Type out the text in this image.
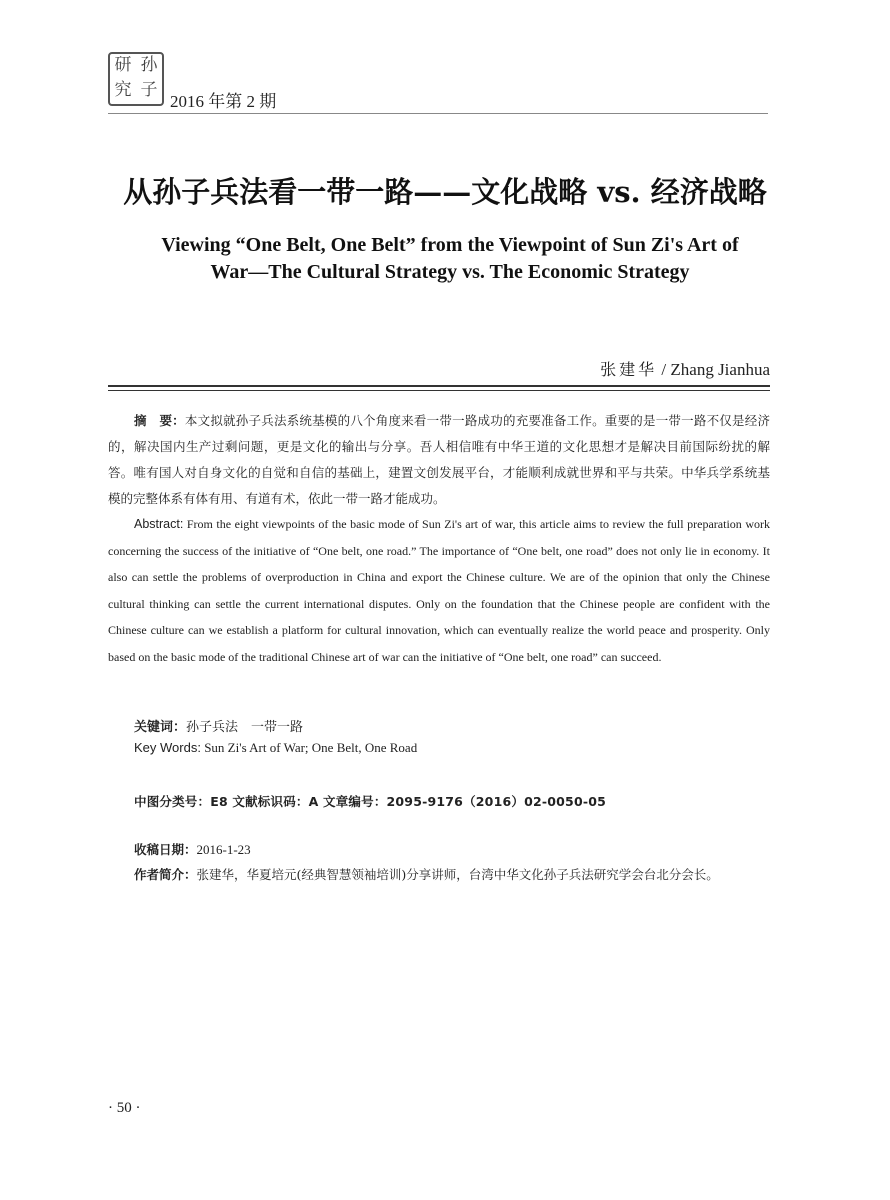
研 孙
究 子
2016 年第 2 期
从孙子兵法看一带一路——文化战略 vs. 经济战略
Viewing “One Belt, One Belt” from the Viewpoint of Sun Zi's Art of
War—The Cultural Strategy vs. The Economic Strategy
张建华 / Zhang Jianhua
摘　要：本文拟就孙子兵法系统基模的八个角度来看一带一路成功的充要准备工作。重要的是一带一路不仅是经济的，解决国内生产过剩问题，更是文化的输出与分享。吾人相信唯有中华王道的文化思想才是解决目前国际纷扰的解答。唯有国人对自身文化的自觉和自信的基础上，建置文创发展平台，才能顺利成就世界和平与共荣。中华兵学系统基模的完整体系有体有用、有道有术，依此一带一路才能成功。
Abstract: From the eight viewpoints of the basic mode of Sun Zi's art of war, this article aims to review the full preparation work concerning the success of the initiative of “One belt, one road.” The importance of “One belt, one road” does not only lie in economy. It also can settle the problems of overproduction in China and export the Chinese culture. We are of the opinion that only the Chinese cultural thinking can settle the current international disputes. Only on the foundation that the Chinese people are confident with the Chinese culture can we establish a platform for cultural innovation, which can eventually realize the world peace and prosperity. Only based on the basic mode of the traditional Chinese art of war can the initiative of “One belt, one road” can succeed.
关键词：孙子兵法　一带一路
Key Words: Sun Zi's Art of War; One Belt, One Road
中图分类号：E8 文献标识码：A 文章编号：2095-9176（2016）02-0050-05
收稿日期：2016-1-23
作者简介：张建华，华夏培元(经典智慧领袖培训)分享讲师，台湾中华文化孙子兵法研究学会台北分会长。
· 50 ·
